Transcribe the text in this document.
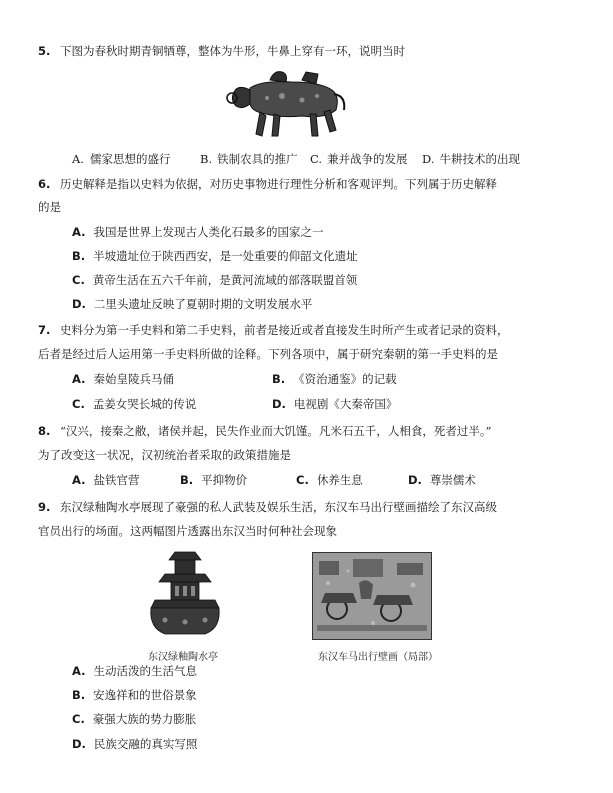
5. 下图为春秋时期青铜牺尊，整体为牛形，牛鼻上穿有一环，说明当时
A. 儒家思想的盛行	B. 铁制农具的推广 C. 兼并战争的发展 D. 牛耕技术的出现
6. 历史解释是指以史料为依据，对历史事物进行理性分析和客观评判。下列属于历史解释
的是
A. 我国是世界上发现古人类化石最多的国家之一
B. 半坡遗址位于陕西西安，是一处重要的仰韶文化遗址
C. 黄帝生活在五六千年前，是黄河流域的部落联盟首领
D. 二里头遗址反映了夏朝时期的文明发展水平
7. 史料分为第一手史料和第二手史料，前者是接近或者直接发生时所产生或者记录的资料，
后者是经过后人运用第一手史料所做的诠释。下列各项中，属于研究秦朝的第一手史料的是
A. 秦始皇陵兵马俑	B. 《资治通鉴》的记载
C. 孟姜女哭长城的传说	D. 电视剧《大秦帝国》
8. “汉兴，接秦之敝，诸侯并起，民失作业而大饥馑。凡米石五千，人相食，死者过半。”
为了改变这一状况，汉初统治者采取的政策措施是
A. 盐铁官营	B. 平抑物价	C. 休养生息	D. 尊崇儒术
9. 东汉绿釉陶水亭展现了豪强的私人武装及娱乐生活，东汉车马出行壁画描绘了东汉高级
官员出行的场面。这两幅图片透露出东汉当时何种社会现象
东汉绿釉陶水亭	东汉车马出行壁画（局部）
A. 生动活泼的生活气息
B. 安逸祥和的世俗景象
C. 豪强大族的势力膨胀
D. 民族交融的真实写照
